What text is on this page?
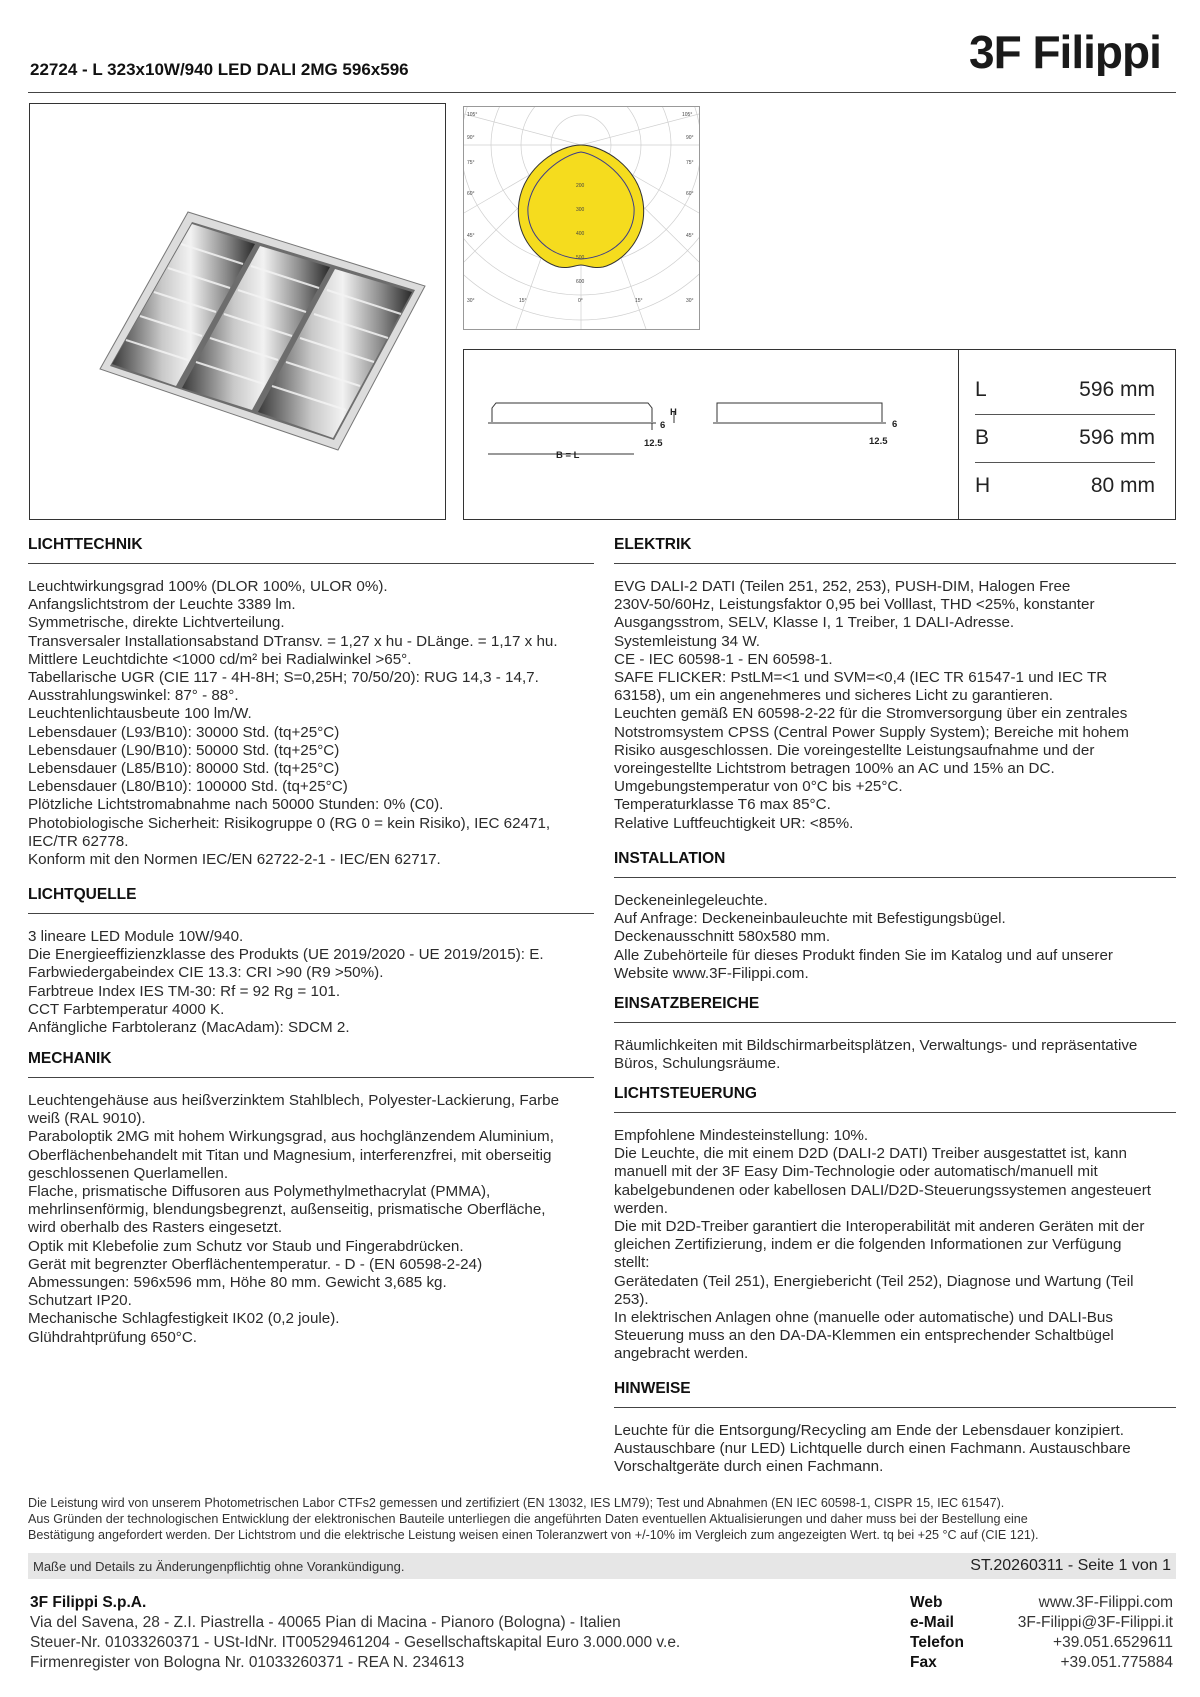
22724 - L 323x10W/940 LED DALI 2MG 596x596	3F Filippi
105°	105°
90°	90°
75°	75°
60°	60°
45°	45°
30°	15°	0°	15°	30°
200
300
400
500
600
B = L
H
6	6
12.5	12.5
L	596 mm
B	596 mm
H	80 mm
LICHTTECHNIK
Leuchtwirkungsgrad 100% (DLOR 100%, ULOR 0%).
Anfangslichtstrom der Leuchte 3389 lm.
Symmetrische, direkte Lichtverteilung.
Transversaler Installationsabstand DTransv. = 1,27 x hu - DLänge. = 1,17 x hu.
Mittlere Leuchtdichte <1000 cd/m² bei Radialwinkel >65°.
Tabellarische UGR (CIE 117 - 4H-8H; S=0,25H; 70/50/20): RUG 14,3 - 14,7.
Ausstrahlungswinkel: 87° - 88°.
Leuchtenlichtausbeute 100 lm/W.
Lebensdauer (L93/B10): 30000 Std. (tq+25°C)
Lebensdauer (L90/B10): 50000 Std. (tq+25°C)
Lebensdauer (L85/B10): 80000 Std. (tq+25°C)
Lebensdauer (L80/B10): 100000 Std. (tq+25°C)
Plötzliche Lichtstromabnahme nach 50000 Stunden: 0% (C0).
Photobiologische Sicherheit: Risikogruppe 0 (RG 0 = kein Risiko), IEC 62471,
IEC/TR 62778.
Konform mit den Normen IEC/EN 62722-2-1 - IEC/EN 62717.
LICHTQUELLE
3 lineare LED Module 10W/940.
Die Energieeffizienzklasse des Produkts (UE 2019/2020 - UE 2019/2015): E.
Farbwiedergabeindex CIE 13.3: CRI >90 (R9 >50%).
Farbtreue Index IES TM-30: Rf = 92 Rg = 101.
CCT Farbtemperatur 4000 K.
Anfängliche Farbtoleranz (MacAdam): SDCM 2.
MECHANIK
Leuchtengehäuse aus heißverzinktem Stahlblech, Polyester-Lackierung, Farbe
weiß (RAL 9010).
Paraboloptik 2MG mit hohem Wirkungsgrad, aus hochglänzendem Aluminium,
Oberflächenbehandelt mit Titan und Magnesium, interferenzfrei, mit oberseitig
geschlossenen Querlamellen.
Flache, prismatische Diffusoren aus Polymethylmethacrylat (PMMA),
mehrlinsenförmig, blendungsbegrenzt, außenseitig, prismatische Oberfläche,
wird oberhalb des Rasters eingesetzt.
Optik mit Klebefolie zum Schutz vor Staub und Fingerabdrücken.
Gerät mit begrenzter Oberflächentemperatur. - D - (EN 60598-2-24)
Abmessungen: 596x596 mm, Höhe 80 mm. Gewicht 3,685 kg.
Schutzart IP20.
Mechanische Schlagfestigkeit IK02 (0,2 joule).
Glühdrahtprüfung 650°C.
ELEKTRIK
EVG DALI-2 DATI (Teilen 251, 252, 253), PUSH-DIM, Halogen Free
230V-50/60Hz, Leistungsfaktor 0,95 bei Volllast, THD <25%, konstanter
Ausgangsstrom, SELV, Klasse I, 1 Treiber, 1 DALI-Adresse.
Systemleistung 34 W.
CE - IEC 60598-1 - EN 60598-1.
SAFE FLICKER: PstLM=<1 und SVM=<0,4 (IEC TR 61547-1 und IEC TR
63158), um ein angenehmeres und sicheres Licht zu garantieren.
Leuchten gemäß EN 60598-2-22 für die Stromversorgung über ein zentrales
Notstromsystem CPSS (Central Power Supply System); Bereiche mit hohem
Risiko ausgeschlossen. Die voreingestellte Leistungsaufnahme und der
voreingestellte Lichtstrom betragen 100% an AC und 15% an DC.
Umgebungstemperatur von 0°C bis +25°C.
Temperaturklasse T6 max 85°C.
Relative Luftfeuchtigkeit UR: <85%.
INSTALLATION
Deckeneinlegeleuchte.
Auf Anfrage: Deckeneinbauleuchte mit Befestigungsbügel.
Deckenausschnitt 580x580 mm.
Alle Zubehörteile für dieses Produkt finden Sie im Katalog und auf unserer
Website www.3F-Filippi.com.
EINSATZBEREICHE
Räumlichkeiten mit Bildschirmarbeitsplätzen, Verwaltungs- und repräsentative
Büros, Schulungsräume.
LICHTSTEUERUNG
Empfohlene Mindesteinstellung: 10%.
Die Leuchte, die mit einem D2D (DALI-2 DATI) Treiber ausgestattet ist, kann
manuell mit der 3F Easy Dim-Technologie oder automatisch/manuell mit
kabelgebundenen oder kabellosen DALI/D2D-Steuerungssystemen angesteuert
werden.
Die mit D2D-Treiber garantiert die Interoperabilität mit anderen Geräten mit der
gleichen Zertifizierung, indem er die folgenden Informationen zur Verfügung
stellt:
Gerätedaten (Teil 251), Energiebericht (Teil 252), Diagnose und Wartung (Teil
253).
In elektrischen Anlagen ohne (manuelle oder automatische) und DALI-Bus
Steuerung muss an den DA-DA-Klemmen ein entsprechender Schaltbügel
angebracht werden.
HINWEISE
Leuchte für die Entsorgung/Recycling am Ende der Lebensdauer konzipiert.
Austauschbare (nur LED) Lichtquelle durch einen Fachmann. Austauschbare
Vorschaltgeräte durch einen Fachmann.
Die Leistung wird von unserem Photometrischen Labor CTFs2 gemessen und zertifiziert (EN 13032, IES LM79); Test und Abnahmen (EN IEC 60598-1, CISPR 15, IEC 61547).
Aus Gründen der technologischen Entwicklung der elektronischen Bauteile unterliegen die angeführten Daten eventuellen Aktualisierungen und daher muss bei der Bestellung eine
Bestätigung angefordert werden. Der Lichtstrom und die elektrische Leistung weisen einen Toleranzwert von +/-10% im Vergleich zum angezeigten Wert. tq bei +25 °C auf (CIE 121).
Maße und Details zu Änderungenpflichtig ohne Vorankündigung.	ST.20260311 - Seite 1 von 1
3F Filippi S.p.A.
Via del Savena, 28 - Z.I. Piastrella - 40065 Pian di Macina - Pianoro (Bologna) - Italien
Steuer-Nr. 01033260371 - USt-IdNr. IT00529461204 - Gesellschaftskapital Euro 3.000.000 v.e.
Firmenregister von Bologna Nr. 01033260371 - REA N. 234613
Web	www.3F-Filippi.com
e-Mail	3F-Filippi@3F-Filippi.it
Telefon	+39.051.6529611
Fax	+39.051.775884
